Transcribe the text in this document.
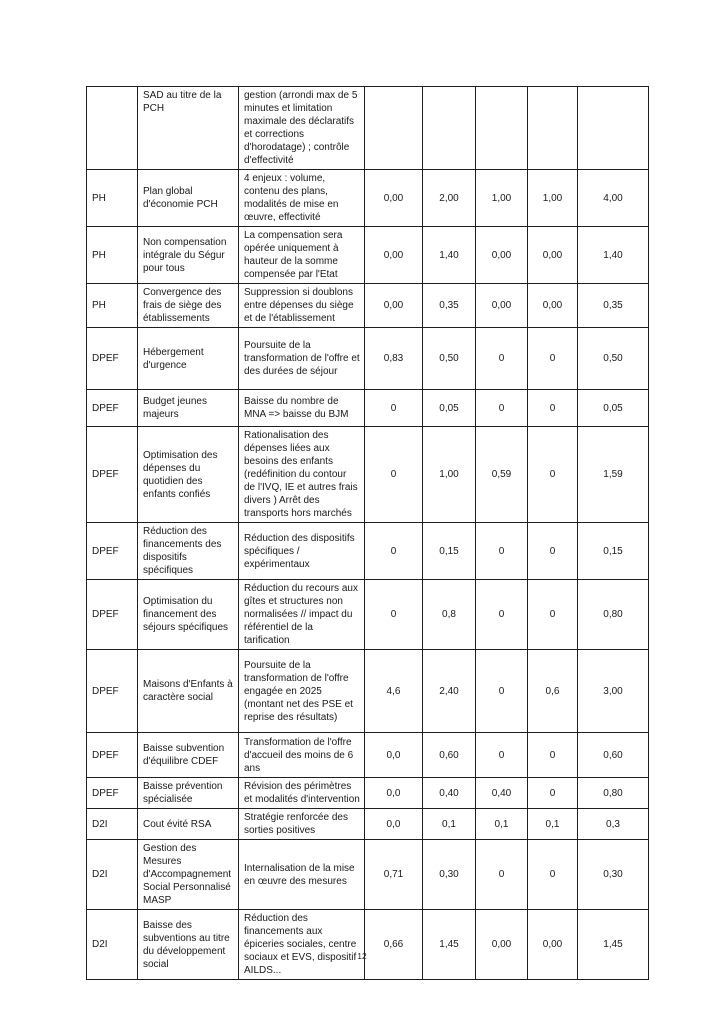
	SAD au titre de la PCH	gestion (arrondi max de 5 minutes et limitation maximale des déclaratifs et corrections d'horodatage) ; contrôle d'effectivité					
PH	Plan global d'économie PCH	4 enjeux : volume, contenu des plans, modalités de mise en œuvre, effectivité	0,00	2,00	1,00	1,00	4,00
PH	Non compensation intégrale du Ségur pour tous	La compensation sera opérée uniquement à hauteur de la somme compensée par l'Etat	0,00	1,40	0,00	0,00	1,40
PH	Convergence des frais de siège des établissements	Suppression si doublons entre dépenses du siège et de l'établissement	0,00	0,35	0,00	0,00	0,35
DPEF	Hébergement d'urgence	Poursuite de la transformation de l'offre et des durées de séjour	0,83	0,50	0	0	0,50
DPEF	Budget jeunes majeurs	Baisse du nombre de MNA => baisse du BJM	0	0,05	0	0	0,05
DPEF	Optimisation des dépenses du quotidien des enfants confiés	Rationalisation des dépenses liées aux besoins des enfants (redéfinition du contour de l'IVQ, IE et autres frais divers ) Arrêt des transports hors marchés	0	1,00	0,59	0	1,59
DPEF	Réduction des financements des dispositifs spécifiques	Réduction des dispositifs spécifiques / expérimentaux	0	0,15	0	0	0,15
DPEF	Optimisation du financement des séjours spécifiques	Réduction du recours aux gîtes et structures non normalisées // impact du référentiel de la tarification	0	0,8	0	0	0,80
DPEF	Maisons d'Enfants à caractère social	Poursuite de la transformation de l'offre engagée en 2025 (montant net des PSE et reprise des résultats)	4,6	2,40	0	0,6	3,00
DPEF	Baisse subvention d'équilibre CDEF	Transformation de l'offre d'accueil des moins de 6 ans	0,0	0,60	0	0	0,60
DPEF	Baisse prévention spécialisée	Révision des périmètres et modalités d'intervention	0,0	0,40	0,40	0	0,80
D2I	Cout évité RSA	Stratégie renforcée des sorties positives	0,0	0,1	0,1	0,1	0,3
D2I	Gestion des Mesures d'Accompagnement Social Personnalisé MASP	Internalisation de la mise en œuvre des mesures	0,71	0,30	0	0	0,30
D2I	Baisse des subventions au titre du développement social	Réduction des financements aux épiceries sociales, centre sociaux et EVS, dispositif AILDS...	0,66	1,45	0,00	0,00	1,45
12
